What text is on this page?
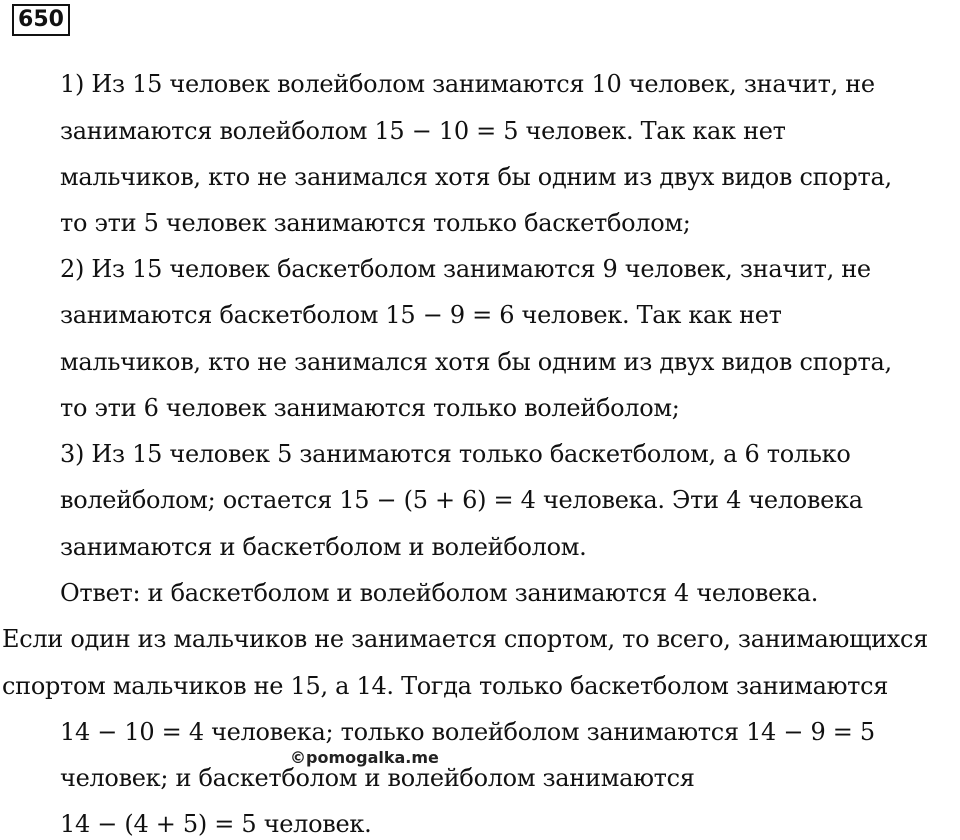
650
1) Из 15 человек волейболом занимаются 10 человек, значит, не
занимаются волейболом 15 − 10 = 5 человек. Так как нет
мальчиков, кто не занимался хотя бы одним из двух видов спорта,
то эти 5 человек занимаются только баскетболом;
2) Из 15 человек баскетболом занимаются 9 человек, значит, не
занимаются баскетболом 15 − 9 = 6 человек. Так как нет
мальчиков, кто не занимался хотя бы одним из двух видов спорта,
то эти 6 человек занимаются только волейболом;
3) Из 15 человек 5 занимаются только баскетболом, а 6 только
волейболом; остается 15 − (5 + 6) = 4 человека. Эти 4 человека
занимаются и баскетболом и волейболом.
Ответ: и баскетболом и волейболом занимаются 4 человека.
Если один из мальчиков не занимается спортом, то всего, занимающихся
спортом мальчиков не 15, а 14. Тогда только баскетболом занимаются
14 − 10 = 4 человека; только волейболом занимаются 14 − 9 = 5
человек; и баскетболом и волейболом занимаются
14 − (4 + 5) = 5 человек.
©pomogalka.me
